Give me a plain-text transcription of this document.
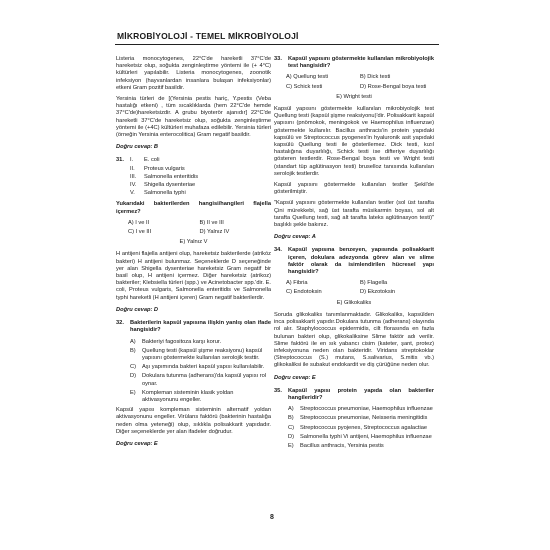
MİKROBİYOLOJİ - TEMEL MİKROBİYOLOJİ

Listeria monocytogenes, 22°C'de hareketli 37°C'de hareketsiz olup, soğukta zenginleştirme yöntemi ile (+ 4°C) kültürleri yapılabilir. Listeria monocytogenes, zoonotik infeksiyon (hayvanlardan insanlara bulaşan infeksiyonlar) etkeni Gram pozitif basildir.

Yersinia türleri de [(Yersinia pestis hariç, Y.pestis (Veba hastalığı etkeni) , tüm sıcaklıklarda (hem 22°C'de hemde 37°C'de)hareketsizdir. A grubu biyoterör ajanıdır] 22°C'de hareketli 37°C'de hareketsiz olup, soğukta zenginleştirme yöntemi ile (+4C) kültürleri muhafaza edilebilir. Yersinia türleri (örneğin Yersinia enterocolitica) Gram negatif basildir.

Doğru cevap: B
31.	I.	E. coli
II.	Proteus vulgaris
III.	Salmonella enteritidis
IV.	Shigella dysenteriae
V.	Salmonella typhi

Yukarıdaki bakterilerden hangisi/hangileri flajella içermez?

A) I ve II	B) II ve III
C) I ve III	D) Yalnız IV
E) Yalnız V

H antijeni flajella antijeni olup, hareketsiz bakterilerde (atrikóz bakteri) H antijeni bulunmaz. Seçeneklerde D seçeneğinde yer alan Shigella dysenteriae hareketsiz Gram negatif bir basil olup, H antijeni içermez. Diğer hareketsiz (atrikoz) bakteriler; Klebsiella türleri (spp.) ve Acinetobacter spp.'dir. E. coli, Proteus vulgaris, Salmonella enteritidis ve Salmonella typhi hareketli (H antijeni içeren) Gram negatif bakterilerdir.

Doğru cevap: D

32.	Bakterilerin kapsül yapısına ilişkin yanlış olan ifade hangisidir?

A)	Bakteriyi fagositoza karşı korur.
B)	Quellung testi (kapsül şişme reaksiyonu) kapsül yapısını göstermekte kullanılan serolojik testtir.
C)	Aşı yapımında bakteri kapsül yapısı kullanılabilir.
D)	Dokulara tutunma (adherans)'da kapsül yapısı rol oynar.
E)	Kompleman sisteminin klasik yoldan aktivasyonunu engeller.

Kapsül yapısı kompleman sisteminin alternatif yoldan aktivasyonunu engeller. Virülans faktörü (bakterinin hastalığa neden olma yeteneği) olup, sıklıkla polisakkarit yapıdadır. Diğer seçeneklerde yer alan ifadeler doğrudur.

Doğru cevap: E

33.	Kapsül yapısını göstermekte kullanılan mikrobiyolojik test hangisidir?

A) Quellung testi	B) Dick testi
C) Schick testi	D) Rose-Bengal boya testi
E) Wright testi

Kapsül yapısını göstermekte kullanılan mikrobiyolojik test Quellung testi (kapsül şişme reaksiyonu)'dir. Polisakkarit kapsül yapısını (pnömokok, meningokok ve Haemophilus influenzae) göstermekte kullanılır. Bacillus anthracis'in protein yapıdaki kapsülü ve Streptococcus pyogenes'in hyaluronik asit yapıdaki kapsülü Quellung testi ile gösterilemez. Dick testi, kızıl hastalığına duyarlılığı, Schick testi ise difteriye duyarlılığı gösteren testlerdir. Rose-Bengal boya testi ve Wright testi (standart tüp aglütinasyon testi) bruselloz tanısında kullanılan serolojik testlerdir.

Kapsül yapısını göstermekte kullanılan testler Şekil'de gösterilmiştir.

"Kapsül yapısını göstermekte kullanılan testler (sol üst tarafta Çini mürekkebi, sağ üst tarafta müsikarmin boyası, sol alt tarafta Quellung testi, sağ alt tarafta lateks aglütinasyon testi)" başlıklı şekle bakınız.

Doğru cevap: A

34.	Kapsül yapısına benzeyen, yapısında polisakkarit içeren, dokulara adezyonda görev alan ve slime faktör olarak da isimlendirilen hücresel yapı hangisidir?

A) Fibria	B) Flagella
C) Endotoksin	D) Ekzotoksin
E) Glikokaliks

Soruda glikokaliks tanımlanmaktadır. Glikokaliks, kapsülden inca polisakkarit yapıdır.Dokulara tutunma (adherans) olayında rol alır. Staphylococcus epidermidis, cilt florasında en fazla bulunan bakteri olup, glikokaliksine Slime faktör adı verilir. Slime faktörü ile en sık yabancı cisim (kateter, şant, protez) infeksiyonuna neden olan bakteridir. Viridans streptokoklar (Streptococcus (S.) mutans, S.salivarius, S.mitis vb.) glikokaliksi ile subakut endokardit ve diş çürüğüne neden olur.

Doğru cevap: E

35.	Kapsül yapısı protein yapıda olan bakteriler hangileridir?

A)	Streptococcus pneumoniae, Haemophilus influenzae
B)	Streptococcus pneumoniae, Neisseria meningitidis
C)	Streptococcus pyojenes, Streptococcus agalactiae
D)	Salmonella typhi Vi antijeni, Haemophilus influenzae
E)	Bacillus anthracis, Yersinia pestis
8
